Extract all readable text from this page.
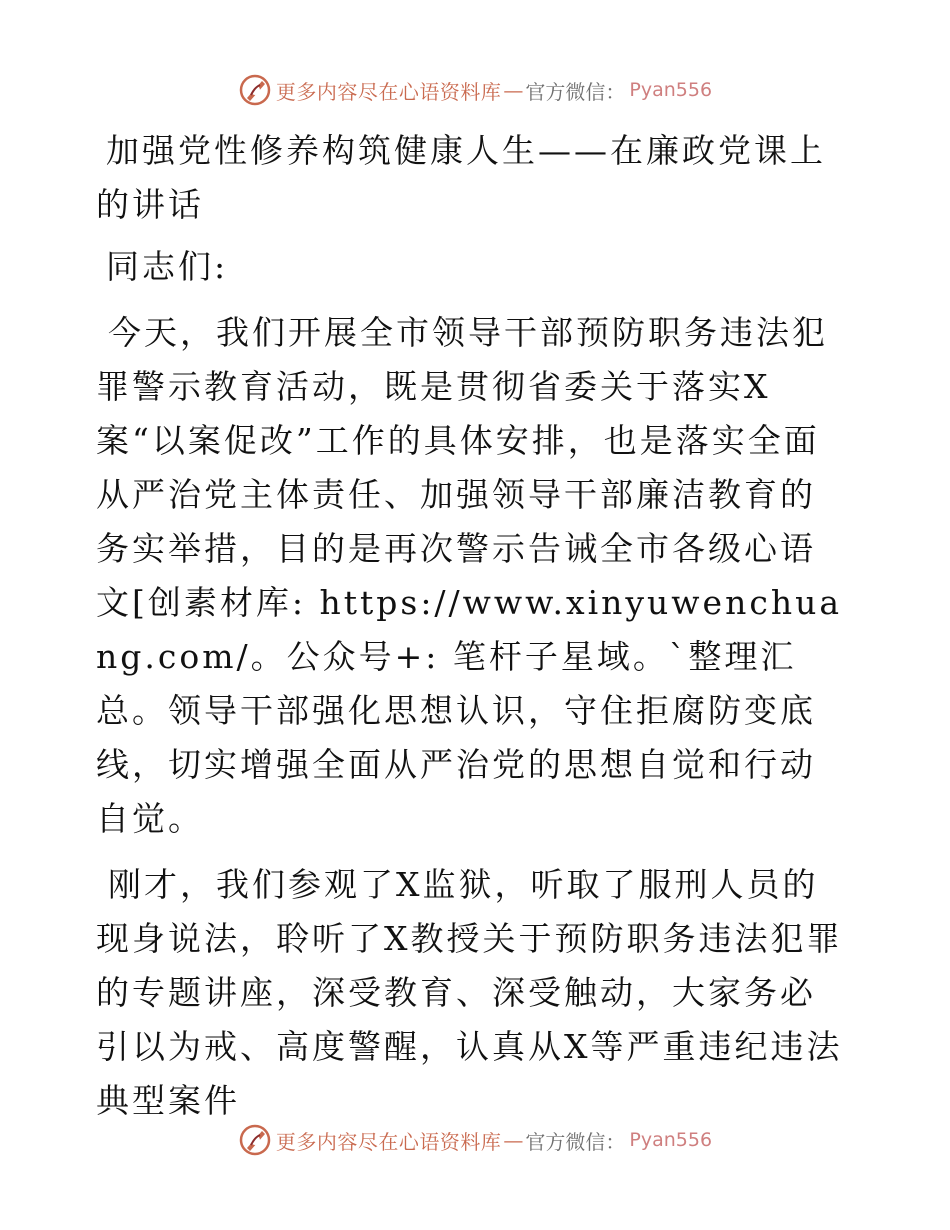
更多内容尽在心语资料库 — 官方微信： Pyan556

加强党性修养构筑健康人生——在廉政党课上的讲话

同志们:

今天，我们开展全市领导干部预防职务违法犯罪警示教育活动，既是贯彻省委关于落实X案“以案促改”工作的具体安排，也是落实全面从严治党主体责任、加强领导干部廉洁教育的务实举措，目的是再次警示告诫全市各级心语文[创素材库: https://www.xinyuwenchuang.com/。公众号+: 笔杆子星域。`整理汇总。领导干部强化思想认识，守住拒腐防变底线，切实增强全面从严治党的思想自觉和行动自觉。

刚才，我们参观了X监狱，听取了服刑人员的现身说法，聆听了X教授关于预防职务违法犯罪的专题讲座，深受教育、深受触动，大家务必引以为戒、高度警醒，认真从X等严重违纪违法典型案件

更多内容尽在心语资料库 — 官方微信： Pyan556
